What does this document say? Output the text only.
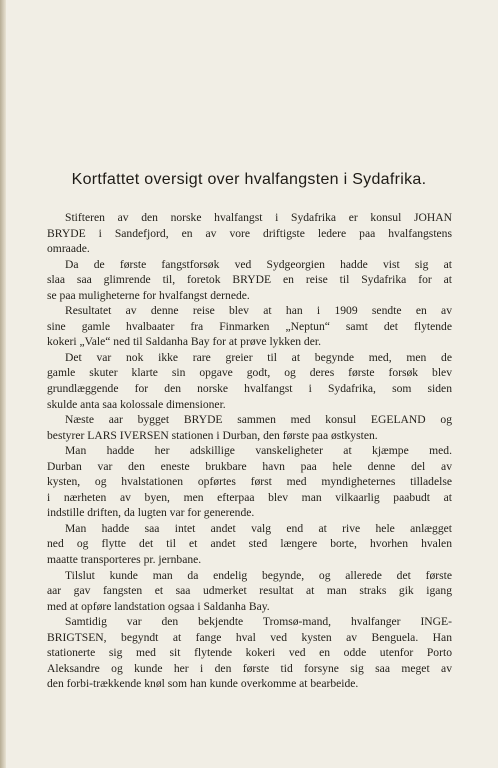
Kortfattet oversigt over hvalfangsten i Sydafrika.
Stifteren av den norske hvalfangst i Sydafrika er konsul JOHAN
BRYDE i Sandefjord, en av vore driftigste ledere paa hvalfangstens
omraade.
Da de første fangstforsøk ved Sydgeorgien hadde vist sig at
slaa saa glimrende til, foretok BRYDE en reise til Sydafrika for at
se paa muligheterne for hvalfangst dernede.
Resultatet av denne reise blev at han i 1909 sendte en av
sine gamle hvalbaater fra Finmarken „Neptun“ samt det flytende
kokeri „Vale“ ned til Saldanha Bay for at prøve lykken der.
Det var nok ikke rare greier til at begynde med, men de
gamle skuter klarte sin opgave godt, og deres første forsøk blev
grundlæggende for den norske hvalfangst i Sydafrika, som siden
skulde anta saa kolossale dimensioner.
Næste aar bygget BRYDE sammen med konsul EGELAND og
bestyrer LARS IVERSEN stationen i Durban, den første paa østkysten.
Man hadde her adskillige vanskeligheter at kjæmpe med.
Durban var den eneste brukbare havn paa hele denne del av
kysten, og hvalstationen opførtes først med myndigheternes tilladelse
i nærheten av byen, men efterpaa blev man vilkaarlig paabudt at
indstille driften, da lugten var for generende.
Man hadde saa intet andet valg end at rive hele anlægget
ned og flytte det til et andet sted længere borte, hvorhen hvalen
maatte transporteres pr. jernbane.
Tilslut kunde man da endelig begynde, og allerede det første
aar gav fangsten et saa udmerket resultat at man straks gik igang
med at opføre landstation ogsaa i Saldanha Bay.
Samtidig var den bekjendte Tromsø-mand, hvalfanger INGE-
BRIGTSEN, begyndt at fange hval ved kysten av Benguela. Han
stationerte sig med sit flytende kokeri ved en odde utenfor Porto
Aleksandre og kunde her i den første tid forsyne sig saa meget av
den forbi-trækkende knøl som han kunde overkomme at bearbeide.
